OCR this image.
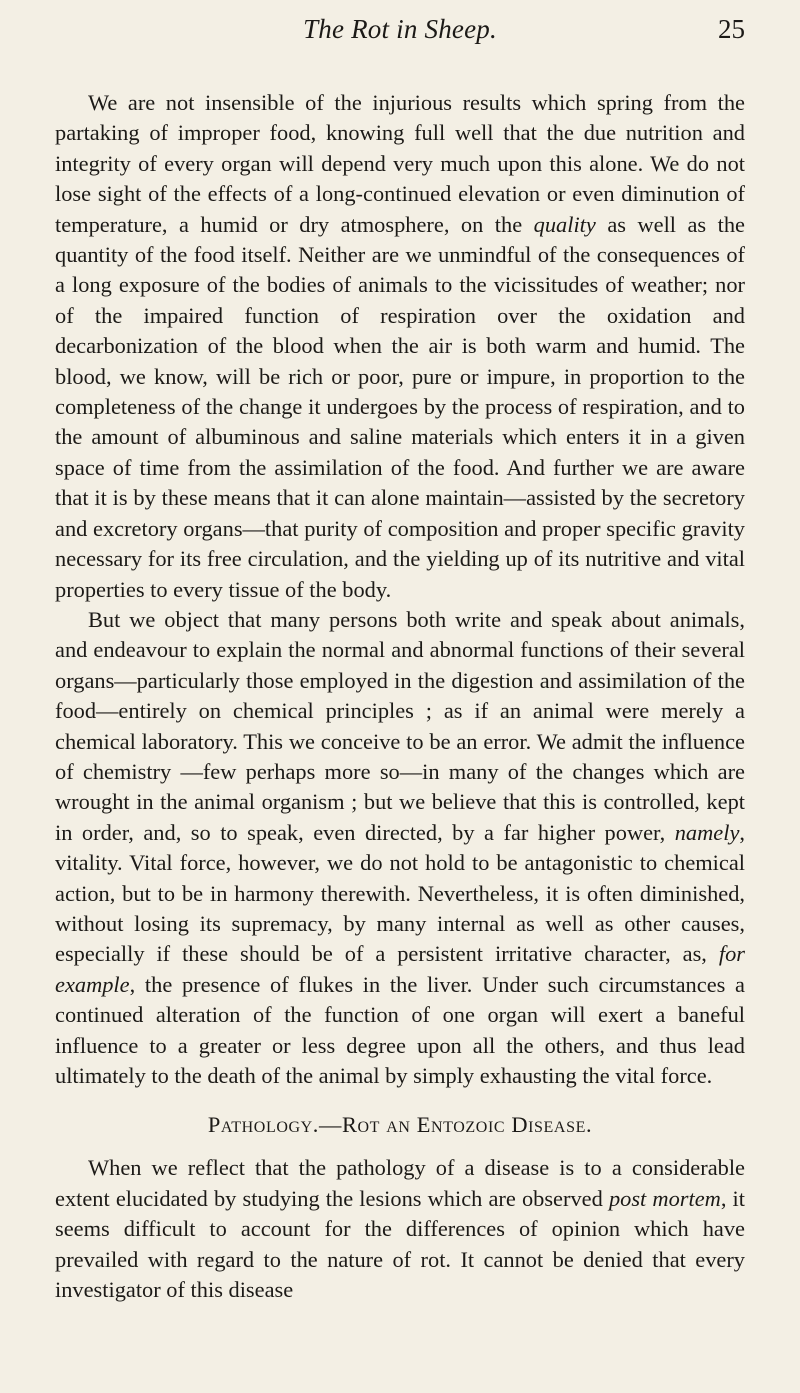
The Rot in Sheep.	25

We are not insensible of the injurious results which spring from the partaking of improper food, knowing full well that the due nutrition and integrity of every organ will depend very much upon this alone. We do not lose sight of the effects of a long-continued elevation or even diminution of temperature, a humid or dry atmosphere, on the quality as well as the quantity of the food itself. Neither are we unmindful of the consequences of a long exposure of the bodies of animals to the vicissitudes of weather; nor of the impaired function of respiration over the oxidation and decarbonization of the blood when the air is both warm and humid. The blood, we know, will be rich or poor, pure or impure, in proportion to the completeness of the change it undergoes by the process of respiration, and to the amount of albuminous and saline materials which enters it in a given space of time from the assimilation of the food. And further we are aware that it is by these means that it can alone maintain—assisted by the secretory and excretory organs—that purity of composition and proper specific gravity necessary for its free circulation, and the yielding up of its nutritive and vital properties to every tissue of the body.

But we object that many persons both write and speak about animals, and endeavour to explain the normal and abnormal functions of their several organs—particularly those employed in the digestion and assimilation of the food—entirely on chemical principles ; as if an animal were merely a chemical laboratory. This we conceive to be an error. We admit the influence of chemistry —few perhaps more so—in many of the changes which are wrought in the animal organism ; but we believe that this is controlled, kept in order, and, so to speak, even directed, by a far higher power, namely, vitality. Vital force, however, we do not hold to be antagonistic to chemical action, but to be in harmony therewith. Nevertheless, it is often diminished, without losing its supremacy, by many internal as well as other causes, especially if these should be of a persistent irritative character, as, for example, the presence of flukes in the liver. Under such circumstances a continued alteration of the function of one organ will exert a baneful influence to a greater or less degree upon all the others, and thus lead ultimately to the death of the animal by simply exhausting the vital force.

Pathology.—Rot an Entozoic Disease.

When we reflect that the pathology of a disease is to a considerable extent elucidated by studying the lesions which are observed post mortem, it seems difficult to account for the differences of opinion which have prevailed with regard to the nature of rot. It cannot be denied that every investigator of this disease
